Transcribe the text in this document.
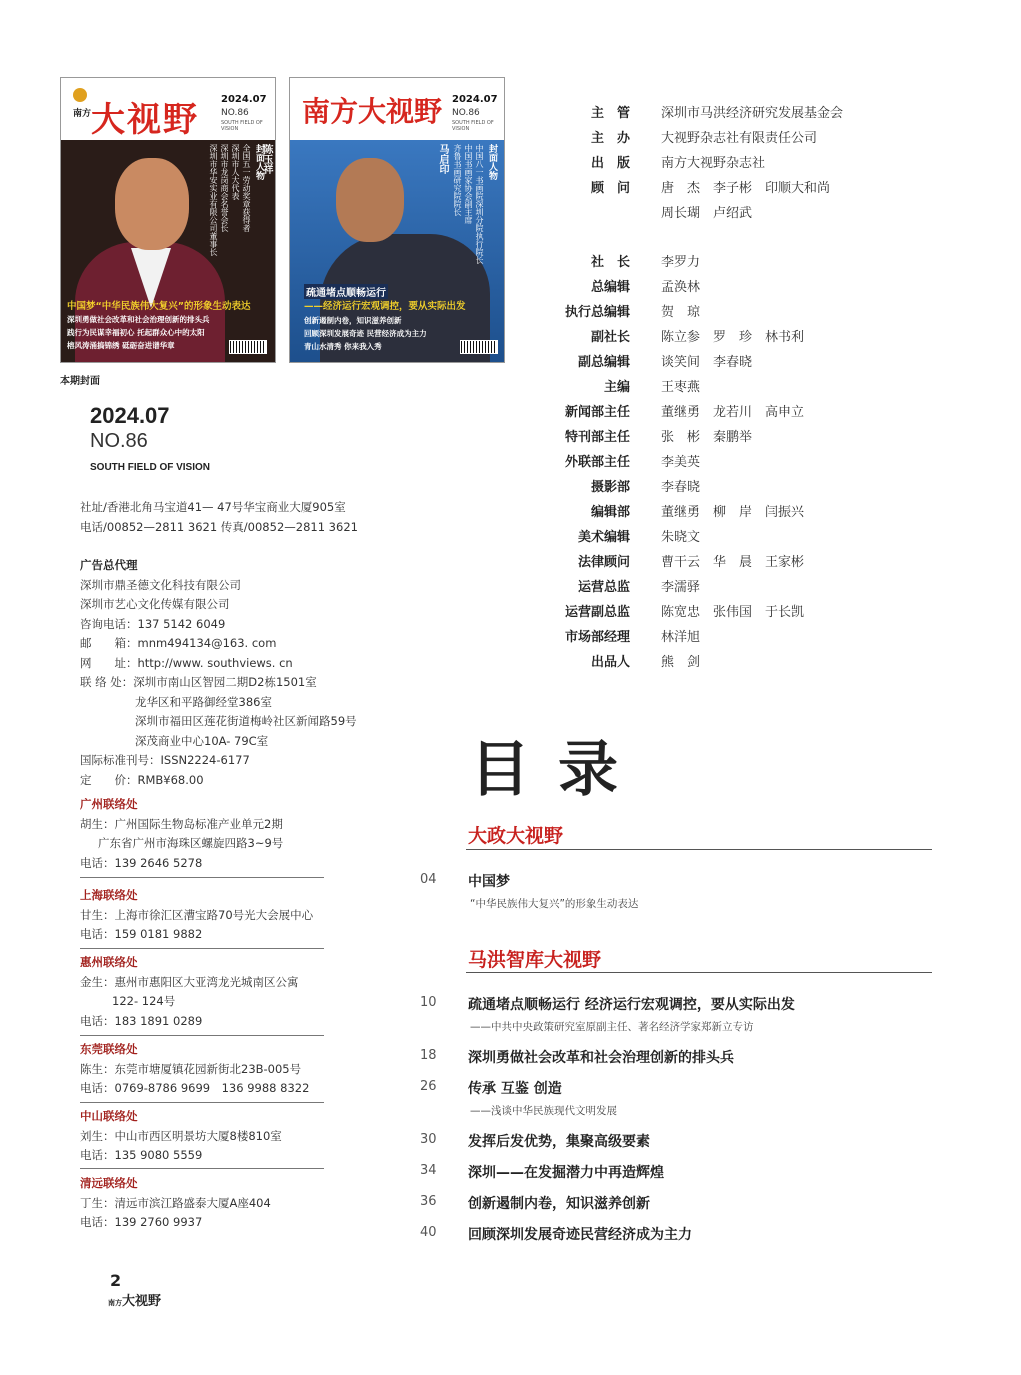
南方 大视野
2024.07
NO.86
SOUTH FIELD OF VISION
封面人物
全国五一劳动奖章获得者
深圳市人大代表
深圳市龙岗商会名誉会长
深圳市华安实业有限公司董事长	陈玉祥
中国梦“中华民族伟大复兴”的形象生动表达
深圳勇做社会改革和社会治理创新的排头兵
践行为民谋幸福初心 托起群众心中的太阳
榕风涛涌搞锦绣 砥砺奋进谱华章
南方大视野 2024.07
NO.86
SOUTH FIELD OF VISION
封面人物
中国八一书画院深圳分院执行院长
中国书画家协会副主席
齐鲁书画研究院院长
马启印
疏通堵点顺畅运行
——经济运行宏观调控，要从实际出发
创新遏制内卷，知识滋养创新
回顾深圳发展奇迹 民营经济成为主力
青山水清秀 你来我入秀
本期封面
2024.07
NO.86
SOUTH FIELD OF VISION
社址/香港北角马宝道41— 47号华宝商业大厦905室
电话/00852—2811 3621 传真/00852—2811 3621
广告总代理
深圳市鼎圣德文化科技有限公司
深圳市艺心文化传媒有限公司
咨询电话：137 5142 6049
邮　　箱：mnm494134@163. com
网　　址：http://www. southviews. cn
联 络 处：深圳市南山区智园二期D2栋1501室
龙华区和平路御经堂386室
深圳市福田区莲花街道梅岭社区新闻路59号
深茂商业中心10A- 79C室
国际标准刊号：ISSN2224-6177
定　　价：RMB¥68.00
广州联络处
胡生：广州国际生物岛标准产业单元2期
广东省广州市海珠区螺旋四路3~9号
电话：139 2646 5278
上海联络处
甘生：上海市徐汇区漕宝路70号光大会展中心
电话：159 0181 9882
惠州联络处
金生：惠州市惠阳区大亚湾龙光城南区公寓
122- 124号
电话：183 1891 0289
东莞联络处
陈生：东莞市塘厦镇花园新街北23B-005号
电话：0769-8786 9699　136 9988 8322
中山联络处
刘生：中山市西区明景坊大厦8楼810室
电话：135 9080 5559
清远联络处
丁生：清远市滨江路盛泰大厦A座404
电话：139 2760 9937
主　管 深圳市马洪经济研究发展基金会
主　办 大视野杂志社有限责任公司
出　版 南方大视野杂志社
顾　问 唐　杰　李子彬　印顺大和尚
周长瑚　卢绍武
社　长 李罗力
总编辑 孟涣林
执行总编辑 贺　琼
副社长 陈立参　罗　珍　林书利
副总编辑 谈笑间　李春晓
主编 王枣燕
新闻部主任 董继勇　龙若川　高申立
特刊部主任 张　彬　秦鹏举
外联部主任 李美英
摄影部 李春晓
编辑部 董继勇　柳　岸　闫振兴
美术编辑 朱晓文
法律顾问 曹干云　华　晨　王家彬
运营总监 李濡驿
运营副总监 陈宽忠　张伟国　于长凯
市场部经理 林洋旭
出品人 熊　剑
目录
大政大视野
04 中国梦
“中华民族伟大复兴”的形象生动表达
马洪智库大视野
10 疏通堵点顺畅运行 经济运行宏观调控，要从实际出发
——中共中央政策研究室原副主任、著名经济学家郑新立专访
18 深圳勇做社会改革和社会治理创新的排头兵
26 传承 互鉴 创造
——浅谈中华民族现代文明发展
30 发挥后发优势，集聚高级要素
34 深圳——在发掘潜力中再造辉煌
36 创新遏制内卷，知识滋养创新
40 回顾深圳发展奇迹民营经济成为主力
2
南方大视野
